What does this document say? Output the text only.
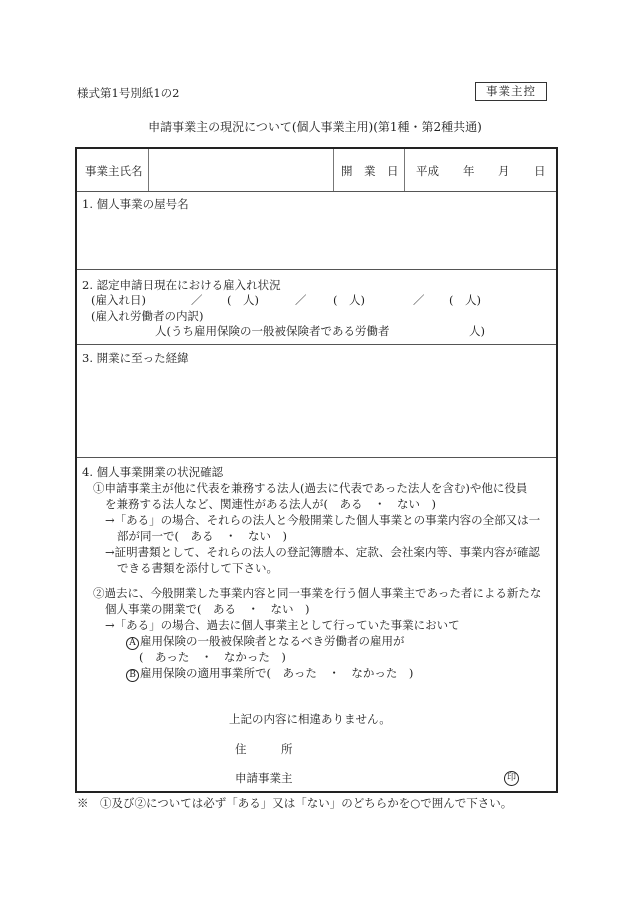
様式第1号別紙1の2	事業主控
申請事業主の現況について(個人事業主用)(第1種・第2種共通)
事業主氏名	開　業　日 平成 年 月 日
1. 個人事業の屋号名
2. 認定申請日現在における雇入れ状況
(雇入れ日)	／ (　人)	／ (　人)	／ (　人)
(雇入れ労働者の内訳)
人(うち雇用保険の一般被保険者である労働者	人)
3. 開業に至った経緯
4. 個人事業開業の状況確認
①申請事業主が他に代表を兼務する法人(過去に代表であった法人を含む)や他に役員
を兼務する法人など、関連性がある法人が(　ある　・　ない　)
→「ある」の場合、それらの法人と今般開業した個人事業との事業内容の全部又は一
部が同一で(　ある　・　ない　)
→証明書類として、それらの法人の登記簿謄本、定款、会社案内等、事業内容が確認
できる書類を添付して下さい。
②過去に、今般開業した事業内容と同一事業を行う個人事業主であった者による新たな
個人事業の開業で(　ある　・　ない　)
→「ある」の場合、過去に個人事業主として行っていた事業において
A 雇用保険の一般被保険者となるべき労働者の雇用が
(　あった　・　なかった　)
B 雇用保険の適用事業所で(　あった　・　なかった　)
上記の内容に相違ありません。
住　　　所
申請事業主	印
※　①及び②については必ず「ある」又は「ない」のどちらかを○で囲んで下さい。
